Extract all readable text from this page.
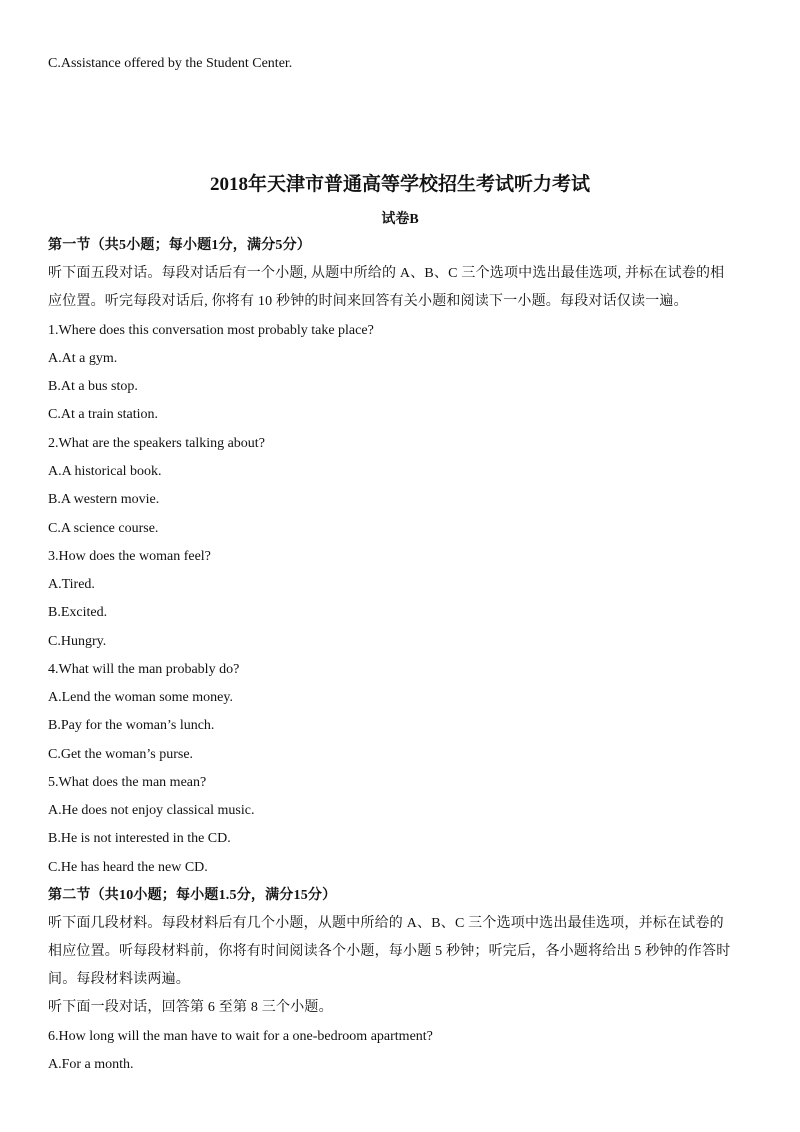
C.Assistance offered by the Student Center.
2018年天津市普通高等学校招生考试听力考试
试卷B
第一节（共5小题；每小题1分，满分5分）
听下面五段对话。每段对话后有一个小题, 从题中所给的 A、B、C 三个选项中选出最佳选项, 并标在试卷的相
应位置。听完每段对话后, 你将有 10 秒钟的时间来回答有关小题和阅读下一小题。每段对话仅读一遍。
1.Where does this conversation most probably take place?
A.At a gym.
B.At a bus stop.
C.At a train station.
2.What are the speakers talking about?
A.A historical book.
B.A western movie.
C.A science course.
3.How does the woman feel?
A.Tired.
B.Excited.
C.Hungry.
4.What will the man probably do?
A.Lend the woman some money.
B.Pay for the woman’s lunch.
C.Get the woman’s purse.
5.What does the man mean?
A.He does not enjoy classical music.
B.He is not interested in the CD.
C.He has heard the new CD.
第二节（共10小题；每小题1.5分，满分15分）
听下面几段材料。每段材料后有几个小题，从题中所给的 A、B、C 三个选项中选出最佳选项，并标在试卷的
相应位置。听每段材料前，你将有时间阅读各个小题，每小题 5 秒钟；听完后，各小题将给出 5 秒钟的作答时
间。每段材料读两遍。
听下面一段对话，回答第 6 至第 8 三个小题。
6.How long will the man have to wait for a one-bedroom apartment?
A.For a month.
